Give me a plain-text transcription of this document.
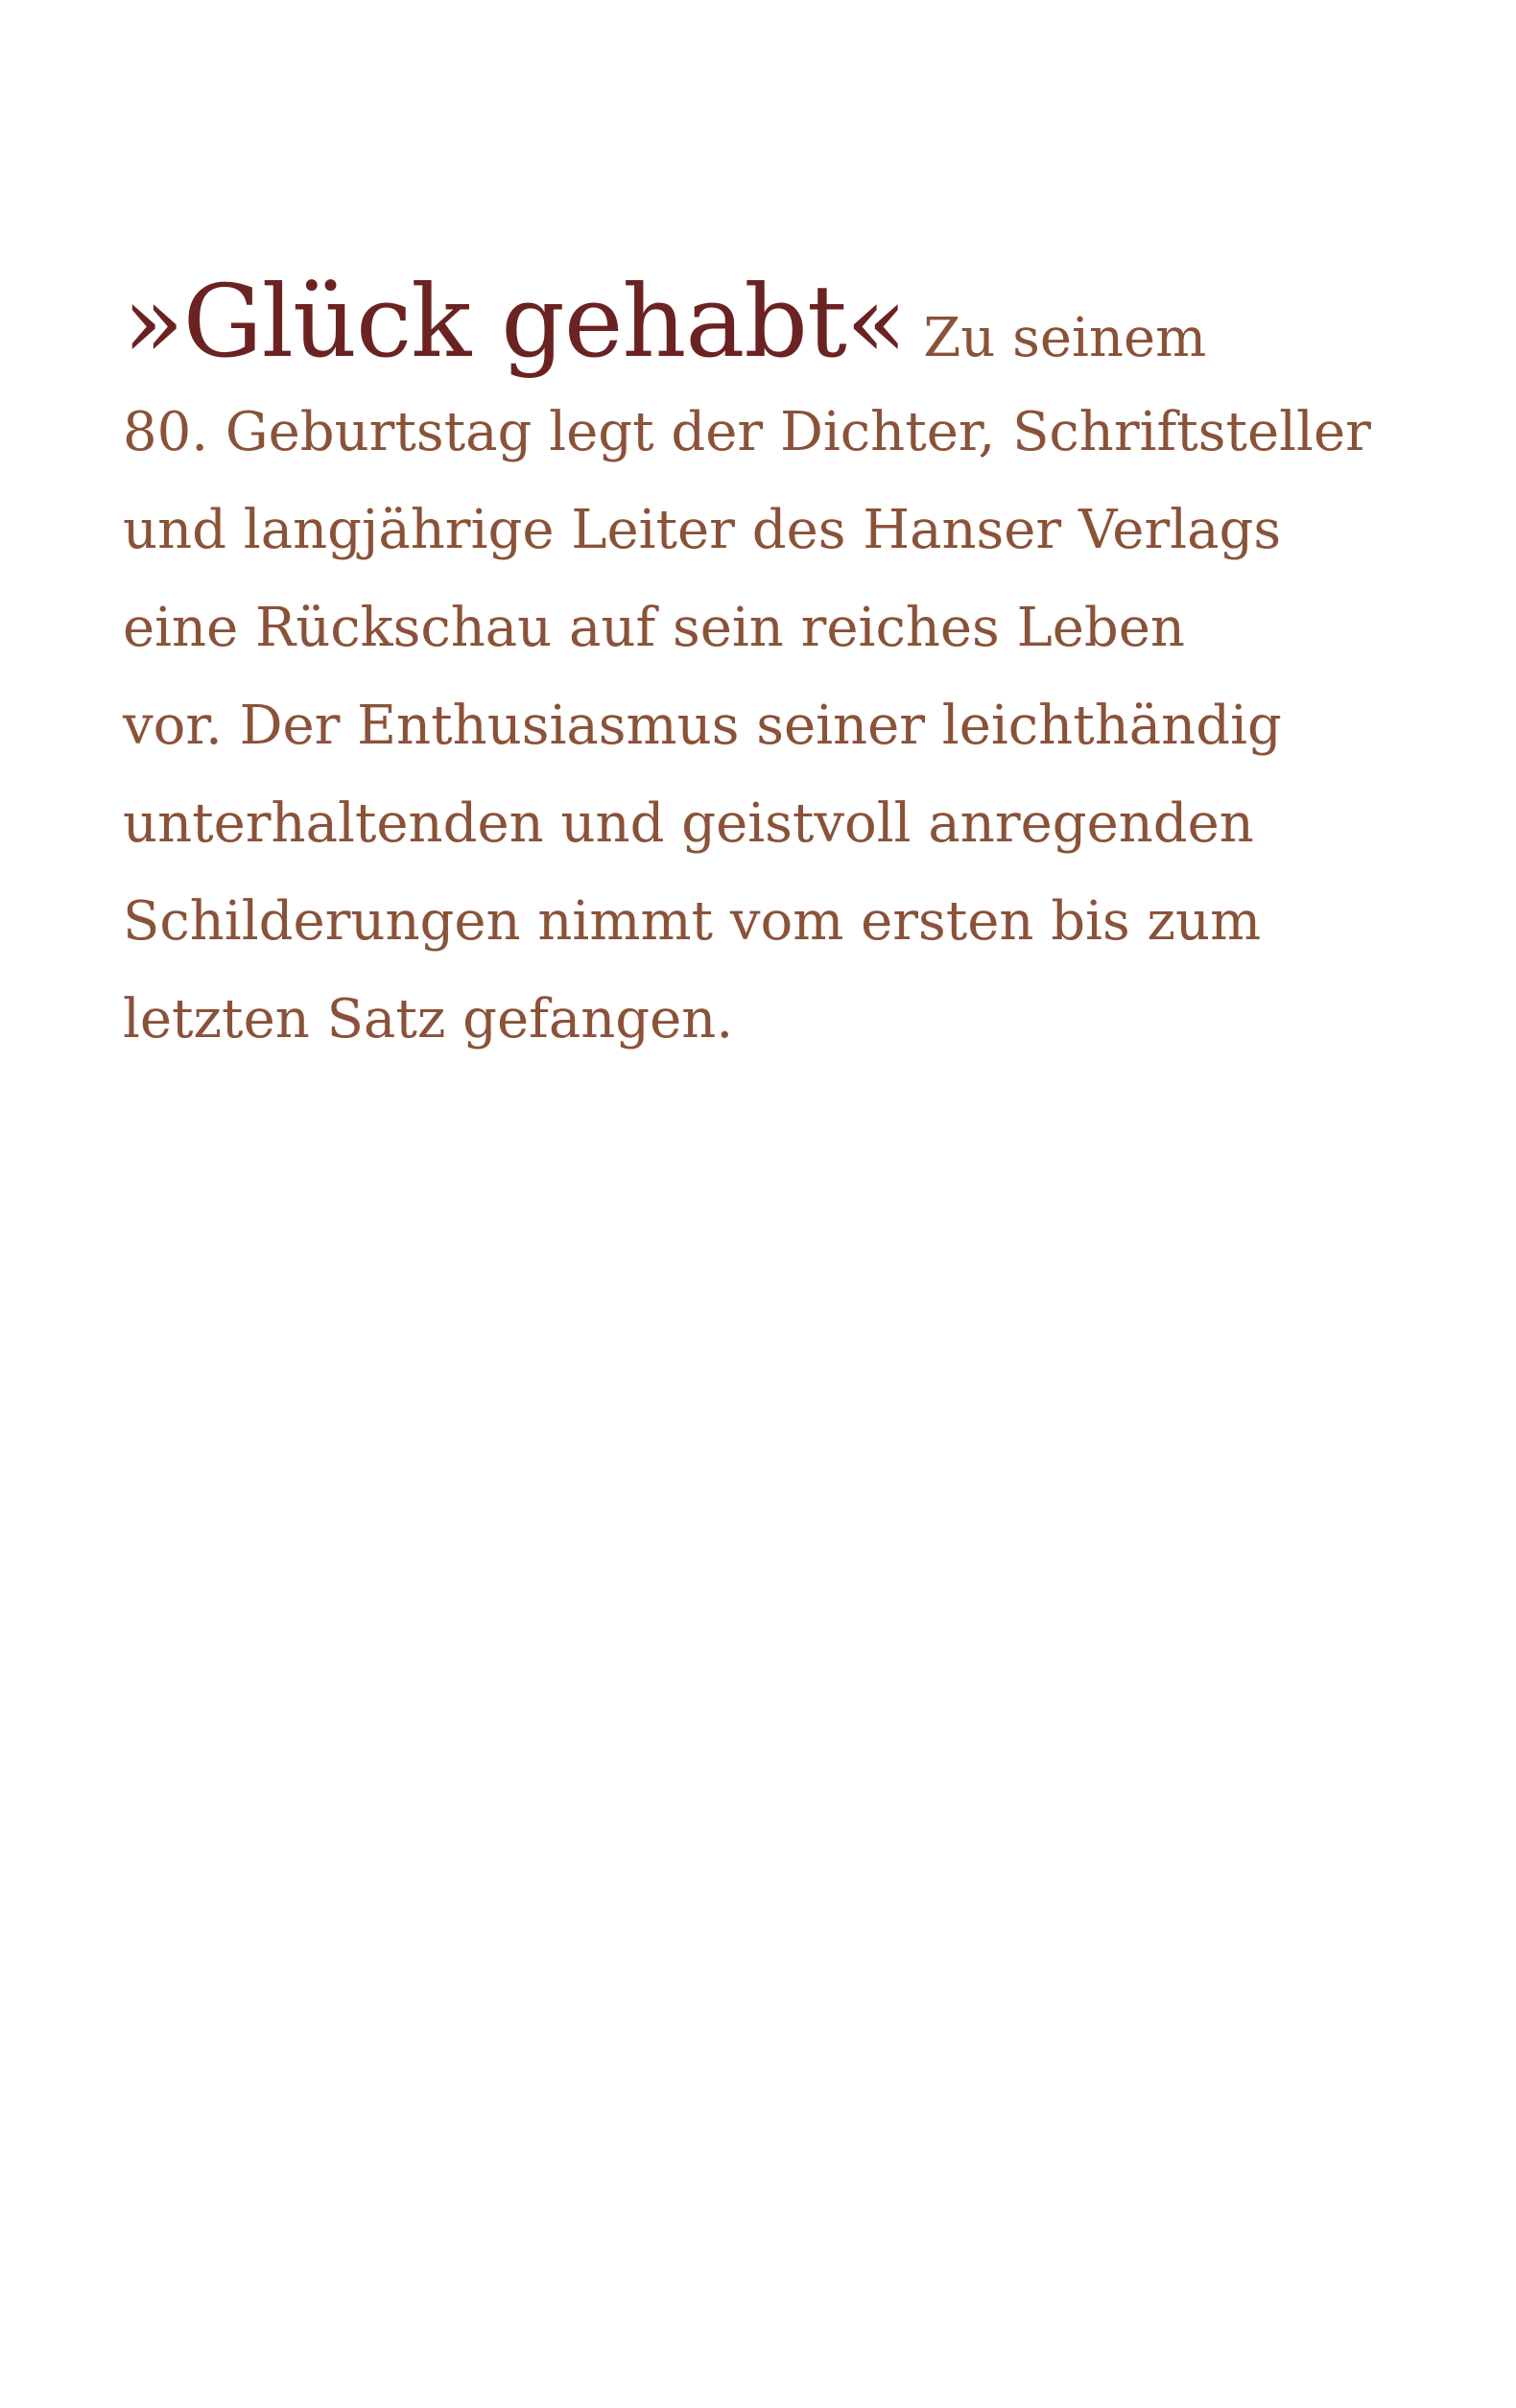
»Glück gehabt« Zu seinem
80. Geburtstag legt der Dichter, Schriftsteller
und langjährige Leiter des Hanser Verlags
eine Rückschau auf sein reiches Leben
vor. Der Enthusiasmus seiner leichthändig
unterhaltenden und geistvoll anregenden
Schilderungen nimmt vom ersten bis zum
letzten Satz gefangen.
